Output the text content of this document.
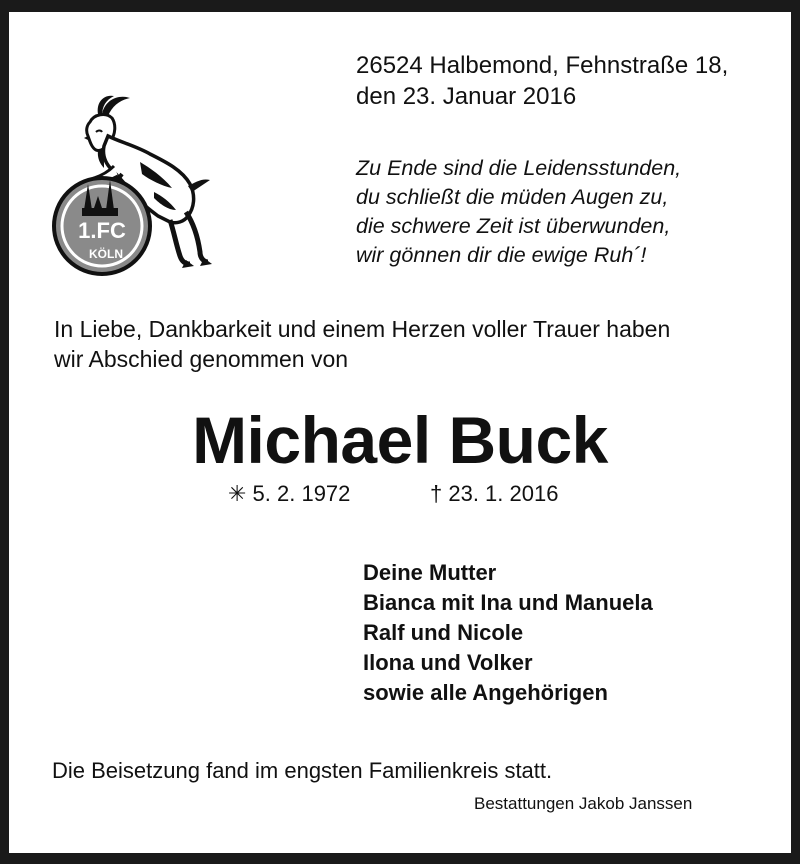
26524 Halbemond, Fehnstraße 18,
den 23. Januar 2016
1.FC
KÖLN
Zu Ende sind die Leidensstunden,
du schließt die müden Augen zu,
die schwere Zeit ist überwunden,
wir gönnen dir die ewige Ruh´!
In Liebe, Dankbarkeit und einem Herzen voller Trauer haben
wir Abschied genommen von
Michael Buck
✳ 5. 2. 1972	† 23. 1. 2016
Deine Mutter
Bianca mit Ina und Manuela
Ralf und Nicole
Ilona und Volker
sowie alle Angehörigen
Die Beisetzung fand im engsten Familienkreis statt.
Bestattungen Jakob Janssen
